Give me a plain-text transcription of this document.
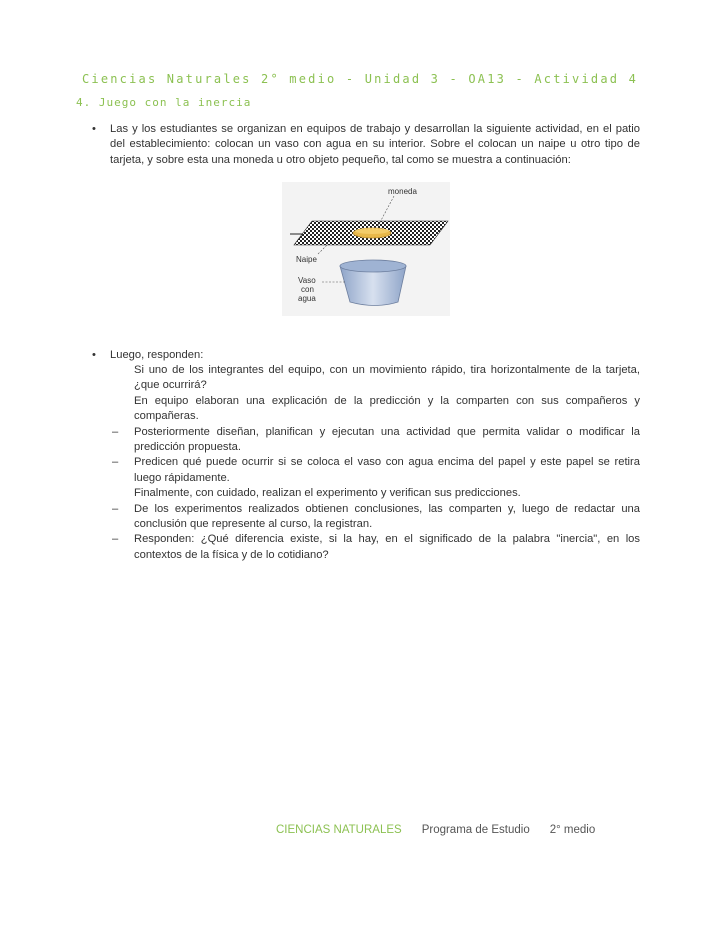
Ciencias Naturales 2° medio - Unidad 3 - OA13 - Actividad 4
4. Juego con la inercia
• Las y los estudiantes se organizan en equipos de trabajo y desarrollan la siguiente actividad, en el patio del establecimiento: colocan un vaso con agua en su interior. Sobre el colocan un naipe u otro tipo de tarjeta, y sobre esta una moneda u otro objeto pequeño, tal como se muestra a continuación:
moneda
Naipe
Vaso
con
agua
• Luego, responden:
Si uno de los integrantes del equipo, con un movimiento rápido, tira horizontalmente de la tarjeta, ¿que ocurrirá?
En equipo elaboran una explicación de la predicción y la comparten con sus compañeros y compañeras.
– Posteriormente diseñan, planifican y ejecutan una actividad que permita validar o modificar la predicción propuesta.
– Predicen qué puede ocurrir si se coloca el vaso con agua encima del papel y este papel se retira luego rápidamente.
Finalmente, con cuidado, realizan el experimento y verifican sus predicciones.
– De los experimentos realizados obtienen conclusiones, las comparten y, luego de redactar una conclusión que represente al curso, la registran.
– Responden: ¿Qué diferencia existe, si la hay, en el significado de la palabra "inercia", en los contextos de la física y de lo cotidiano?
CIENCIAS NATURALES Programa de Estudio 2° medio
